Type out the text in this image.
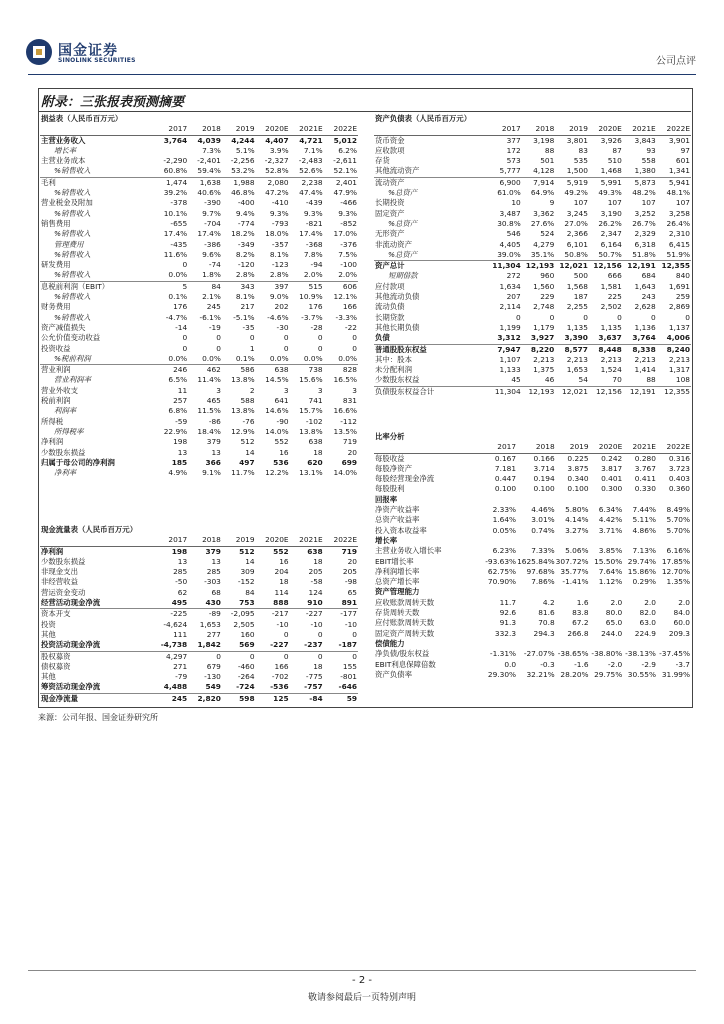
国金证券
SINOLINK SECURITIES	公司点评
附录：三张报表预测摘要
损益表（人民币百万元）						
	2017	2018	2019	2020E	2021E	2022E
主营业务收入	3,764	4,039	4,244	4,407	4,721	5,012
增长率		7.3%	5.1%	3.9%	7.1%	6.2%
主营业务成本	-2,290	-2,401	-2,256	-2,327	-2,483	-2,611
%销售收入	60.8%	59.4%	53.2%	52.8%	52.6%	52.1%
毛利	1,474	1,638	1,988	2,080	2,238	2,401
%销售收入	39.2%	40.6%	46.8%	47.2%	47.4%	47.9%
营业税金及附加	-378	-390	-400	-410	-439	-466
%销售收入	10.1%	9.7%	9.4%	9.3%	9.3%	9.3%
销售费用	-655	-704	-774	-793	-821	-852
%销售收入	17.4%	17.4%	18.2%	18.0%	17.4%	17.0%
管理费用	-435	-386	-349	-357	-368	-376
%销售收入	11.6%	9.6%	8.2%	8.1%	7.8%	7.5%
研发费用	0	-74	-120	-123	-94	-100
%销售收入	0.0%	1.8%	2.8%	2.8%	2.0%	2.0%
息税前利润（EBIT）	5	84	343	397	515	606
%销售收入	0.1%	2.1%	8.1%	9.0%	10.9%	12.1%
财务费用	176	245	217	202	176	166
%销售收入	-4.7%	-6.1%	-5.1%	-4.6%	-3.7%	-3.3%
资产减值损失	-14	-19	-35	-30	-28	-22
公允价值变动收益	0	0	0	0	0	0
投资收益	0	0	1	0	0	0
%税前利润	0.0%	0.0%	0.1%	0.0%	0.0%	0.0%
营业利润	246	462	586	638	738	828
营业利润率	6.5%	11.4%	13.8%	14.5%	15.6%	16.5%
营业外收支	11	3	2	3	3	3
税前利润	257	465	588	641	741	831
利润率	6.8%	11.5%	13.8%	14.6%	15.7%	16.6%
所得税	-59	-86	-76	-90	-102	-112
所得税率	22.9%	18.4%	12.9%	14.0%	13.8%	13.5%
净利润	198	379	512	552	638	719
少数股东损益	13	13	14	16	18	20
归属于母公司的净利润	185	366	497	536	620	699
净利率	4.9%	9.1%	11.7%	12.2%	13.1%	14.0%
资产负债表（人民币百万元）						
	2017	2018	2019	2020E	2021E	2022E
货币资金	377	3,198	3,801	3,926	3,843	3,901
应收款项	172	88	83	87	93	97
存货	573	501	535	510	558	601
其他流动资产	5,777	4,128	1,500	1,468	1,380	1,341
流动资产	6,900	7,914	5,919	5,991	5,873	5,941
%总资产	61.0%	64.9%	49.2%	49.3%	48.2%	48.1%
长期投资	10	9	107	107	107	107
固定资产	3,487	3,362	3,245	3,190	3,252	3,258
%总资产	30.8%	27.6%	27.0%	26.2%	26.7%	26.4%
无形资产	546	524	2,366	2,347	2,329	2,310
非流动资产	4,405	4,279	6,101	6,164	6,318	6,415
%总资产	39.0%	35.1%	50.8%	50.7%	51.8%	51.9%
资产总计	11,304	12,193	12,021	12,156	12,191	12,355
短期借款	272	960	500	666	684	840
应付款项	1,634	1,560	1,568	1,581	1,643	1,691
其他流动负债	207	229	187	225	243	259
流动负债	2,114	2,748	2,255	2,502	2,628	2,869
长期贷款	0	0	0	0	0	0
其他长期负债	1,199	1,179	1,135	1,135	1,136	1,137
负债	3,312	3,927	3,390	3,637	3,764	4,006
普通股股东权益	7,947	8,220	8,577	8,448	8,338	8,240
其中：股本	1,107	2,213	2,213	2,213	2,213	2,213
未分配利润	1,133	1,375	1,653	1,524	1,414	1,317
少数股东权益	45	46	54	70	88	108
负债股东权益合计	11,304	12,193	12,021	12,156	12,191	12,355
比率分析						
	2017	2018	2019	2020E	2021E	2022E
每股收益	0.167	0.166	0.225	0.242	0.280	0.316
每股净资产	7.181	3.714	3.875	3.817	3.767	3.723
每股经营现金净流	0.447	0.194	0.340	0.401	0.411	0.403
每股股利	0.100	0.100	0.100	0.300	0.330	0.360
回报率						
净资产收益率	2.33%	4.46%	5.80%	6.34%	7.44%	8.49%
总资产收益率	1.64%	3.01%	4.14%	4.42%	5.11%	5.70%
投入资本收益率	0.05%	0.74%	3.27%	3.71%	4.86%	5.70%
增长率						
主营业务收入增长率	6.23%	7.33%	5.06%	3.85%	7.13%	6.16%
EBIT增长率	-93.63%	1625.84%	307.72%	15.50%	29.74%	17.85%
净利润增长率	62.75%	97.68%	35.77%	7.64%	15.86%	12.70%
总资产增长率	70.90%	7.86%	-1.41%	1.12%	0.29%	1.35%
资产管理能力						
应收账款周转天数	11.7	4.2	1.6	2.0	2.0	2.0
存货周转天数	92.6	81.6	83.8	80.0	82.0	84.0
应付账款周转天数	91.3	70.8	67.2	65.0	63.0	60.0
固定资产周转天数	332.3	294.3	266.8	244.0	224.9	209.3
偿债能力						
净负债/股东权益	-1.31%	-27.07%	-38.65%	-38.80%	-38.13%	-37.45%
EBIT利息保障倍数	0.0	-0.3	-1.6	-2.0	-2.9	-3.7
资产负债率	29.30%	32.21%	28.20%	29.75%	30.55%	31.99%
现金流量表（人民币百万元）						
	2017	2018	2019	2020E	2021E	2022E
净利润	198	379	512	552	638	719
少数股东损益	13	13	14	16	18	20
非现金支出	285	285	309	204	205	205
非经营收益	-50	-303	-152	18	-58	-98
营运资金变动	62	68	84	114	124	65
经营活动现金净流	495	430	753	888	910	891
资本开支	-225	-89	-2,095	-217	-227	-177
投资	-4,624	1,653	2,505	-10	-10	-10
其他	111	277	160	0	0	0
投资活动现金净流	-4,738	1,842	569	-227	-237	-187
股权募资	4,297	0	0	0	0	0
债权募资	271	679	-460	166	18	155
其他	-79	-130	-264	-702	-775	-801
筹资活动现金净流	4,488	549	-724	-536	-757	-646
现金净流量	245	2,820	598	125	-84	59
来源：公司年报、国金证券研究所
- 2 -
敬请参阅最后一页特别声明
